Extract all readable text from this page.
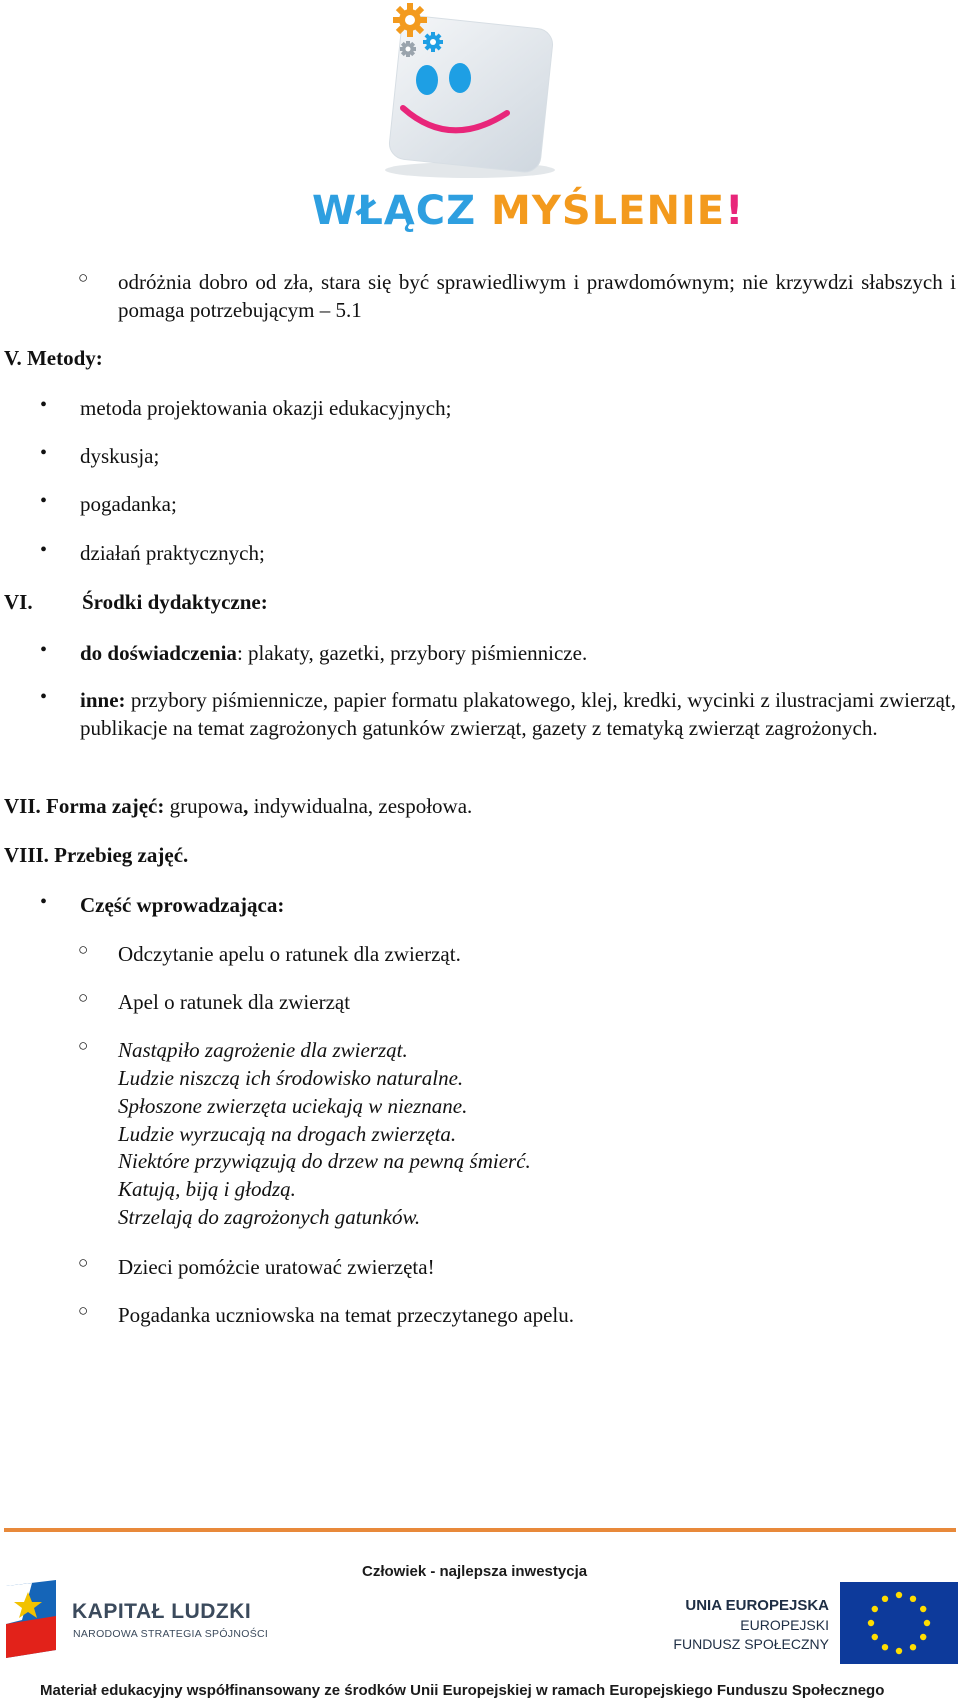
WŁĄCZ MYŚLENIE!
○ odróżnia dobro od zła, stara się być sprawiedliwym i prawdomównym; nie krzywdzi słabszych i pomaga potrzebującym – 5.1
V. Metody:
• metoda projektowania okazji edukacyjnych;
• dyskusja;
• pogadanka;
• działań praktycznych;
VI. Środki dydaktyczne:
• do doświadczenia: plakaty, gazetki, przybory piśmiennicze.
• inne: przybory piśmiennicze, papier formatu plakatowego, klej, kredki, wycinki z ilustracjami zwierząt, publikacje na temat zagrożonych gatunków zwierząt, gazety z tematyką zwierząt zagrożonych.
VII. Forma zajęć: grupowa, indywidualna, zespołowa.
VIII. Przebieg zajęć.
• Część wprowadzająca:
○ Odczytanie apelu o ratunek dla zwierząt.
○ Apel o ratunek dla zwierząt
○ Nastąpiło zagrożenie dla zwierząt.
Ludzie niszczą ich środowisko naturalne.
Spłoszone zwierzęta uciekają w nieznane.
Ludzie wyrzucają na drogach zwierzęta.
Niektóre przywiązują do drzew na pewną śmierć.
Katują, biją i głodzą.
Strzelają do zagrożonych gatunków.
○ Dzieci pomóżcie uratować zwierzęta!
○ Pogadanka uczniowska na temat przeczytanego apelu.
Człowiek - najlepsza inwestycja
KAPITAŁ LUDZKI
NARODOWA STRATEGIA SPÓJNOŚCI
UNIA EUROPEJSKA
EUROPEJSKI
FUNDUSZ SPOŁECZNY
Materiał edukacyjny współfinansowany ze środków Unii Europejskiej w ramach Europejskiego Funduszu Społecznego
